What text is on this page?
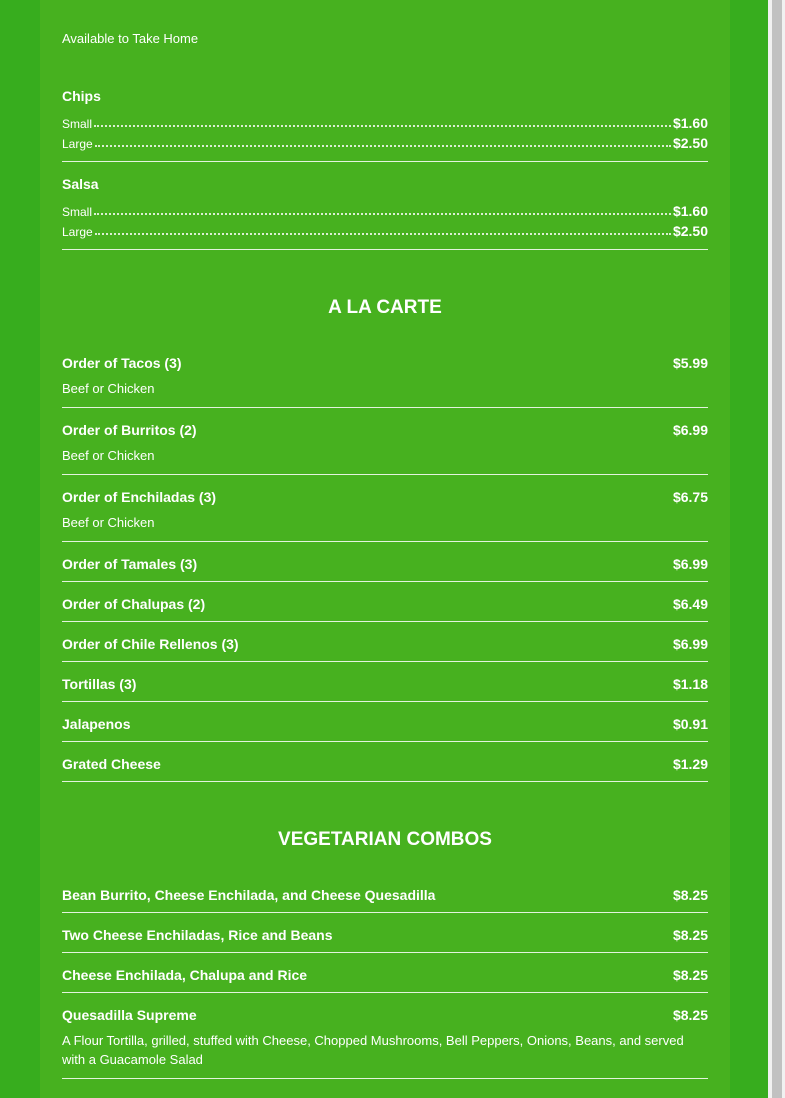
Available to Take Home
Chips
Small	$1.60
Large	$2.50
Salsa
Small	$1.60
Large	$2.50
A LA CARTE
Order of Tacos (3)	$5.99
Beef or Chicken
Order of Burritos (2)	$6.99
Beef or Chicken
Order of Enchiladas (3)	$6.75
Beef or Chicken
Order of Tamales (3)	$6.99
Order of Chalupas (2)	$6.49
Order of Chile Rellenos (3)	$6.99
Tortillas (3)	$1.18
Jalapenos	$0.91
Grated Cheese	$1.29
VEGETARIAN COMBOS
Bean Burrito, Cheese Enchilada, and Cheese Quesadilla	$8.25
Two Cheese Enchiladas, Rice and Beans	$8.25
Cheese Enchilada, Chalupa and Rice	$8.25
Quesadilla Supreme	$8.25
A Flour Tortilla, grilled, stuffed with Cheese, Chopped Mushrooms, Bell Peppers, Onions, Beans, and served with a Guacamole Salad
